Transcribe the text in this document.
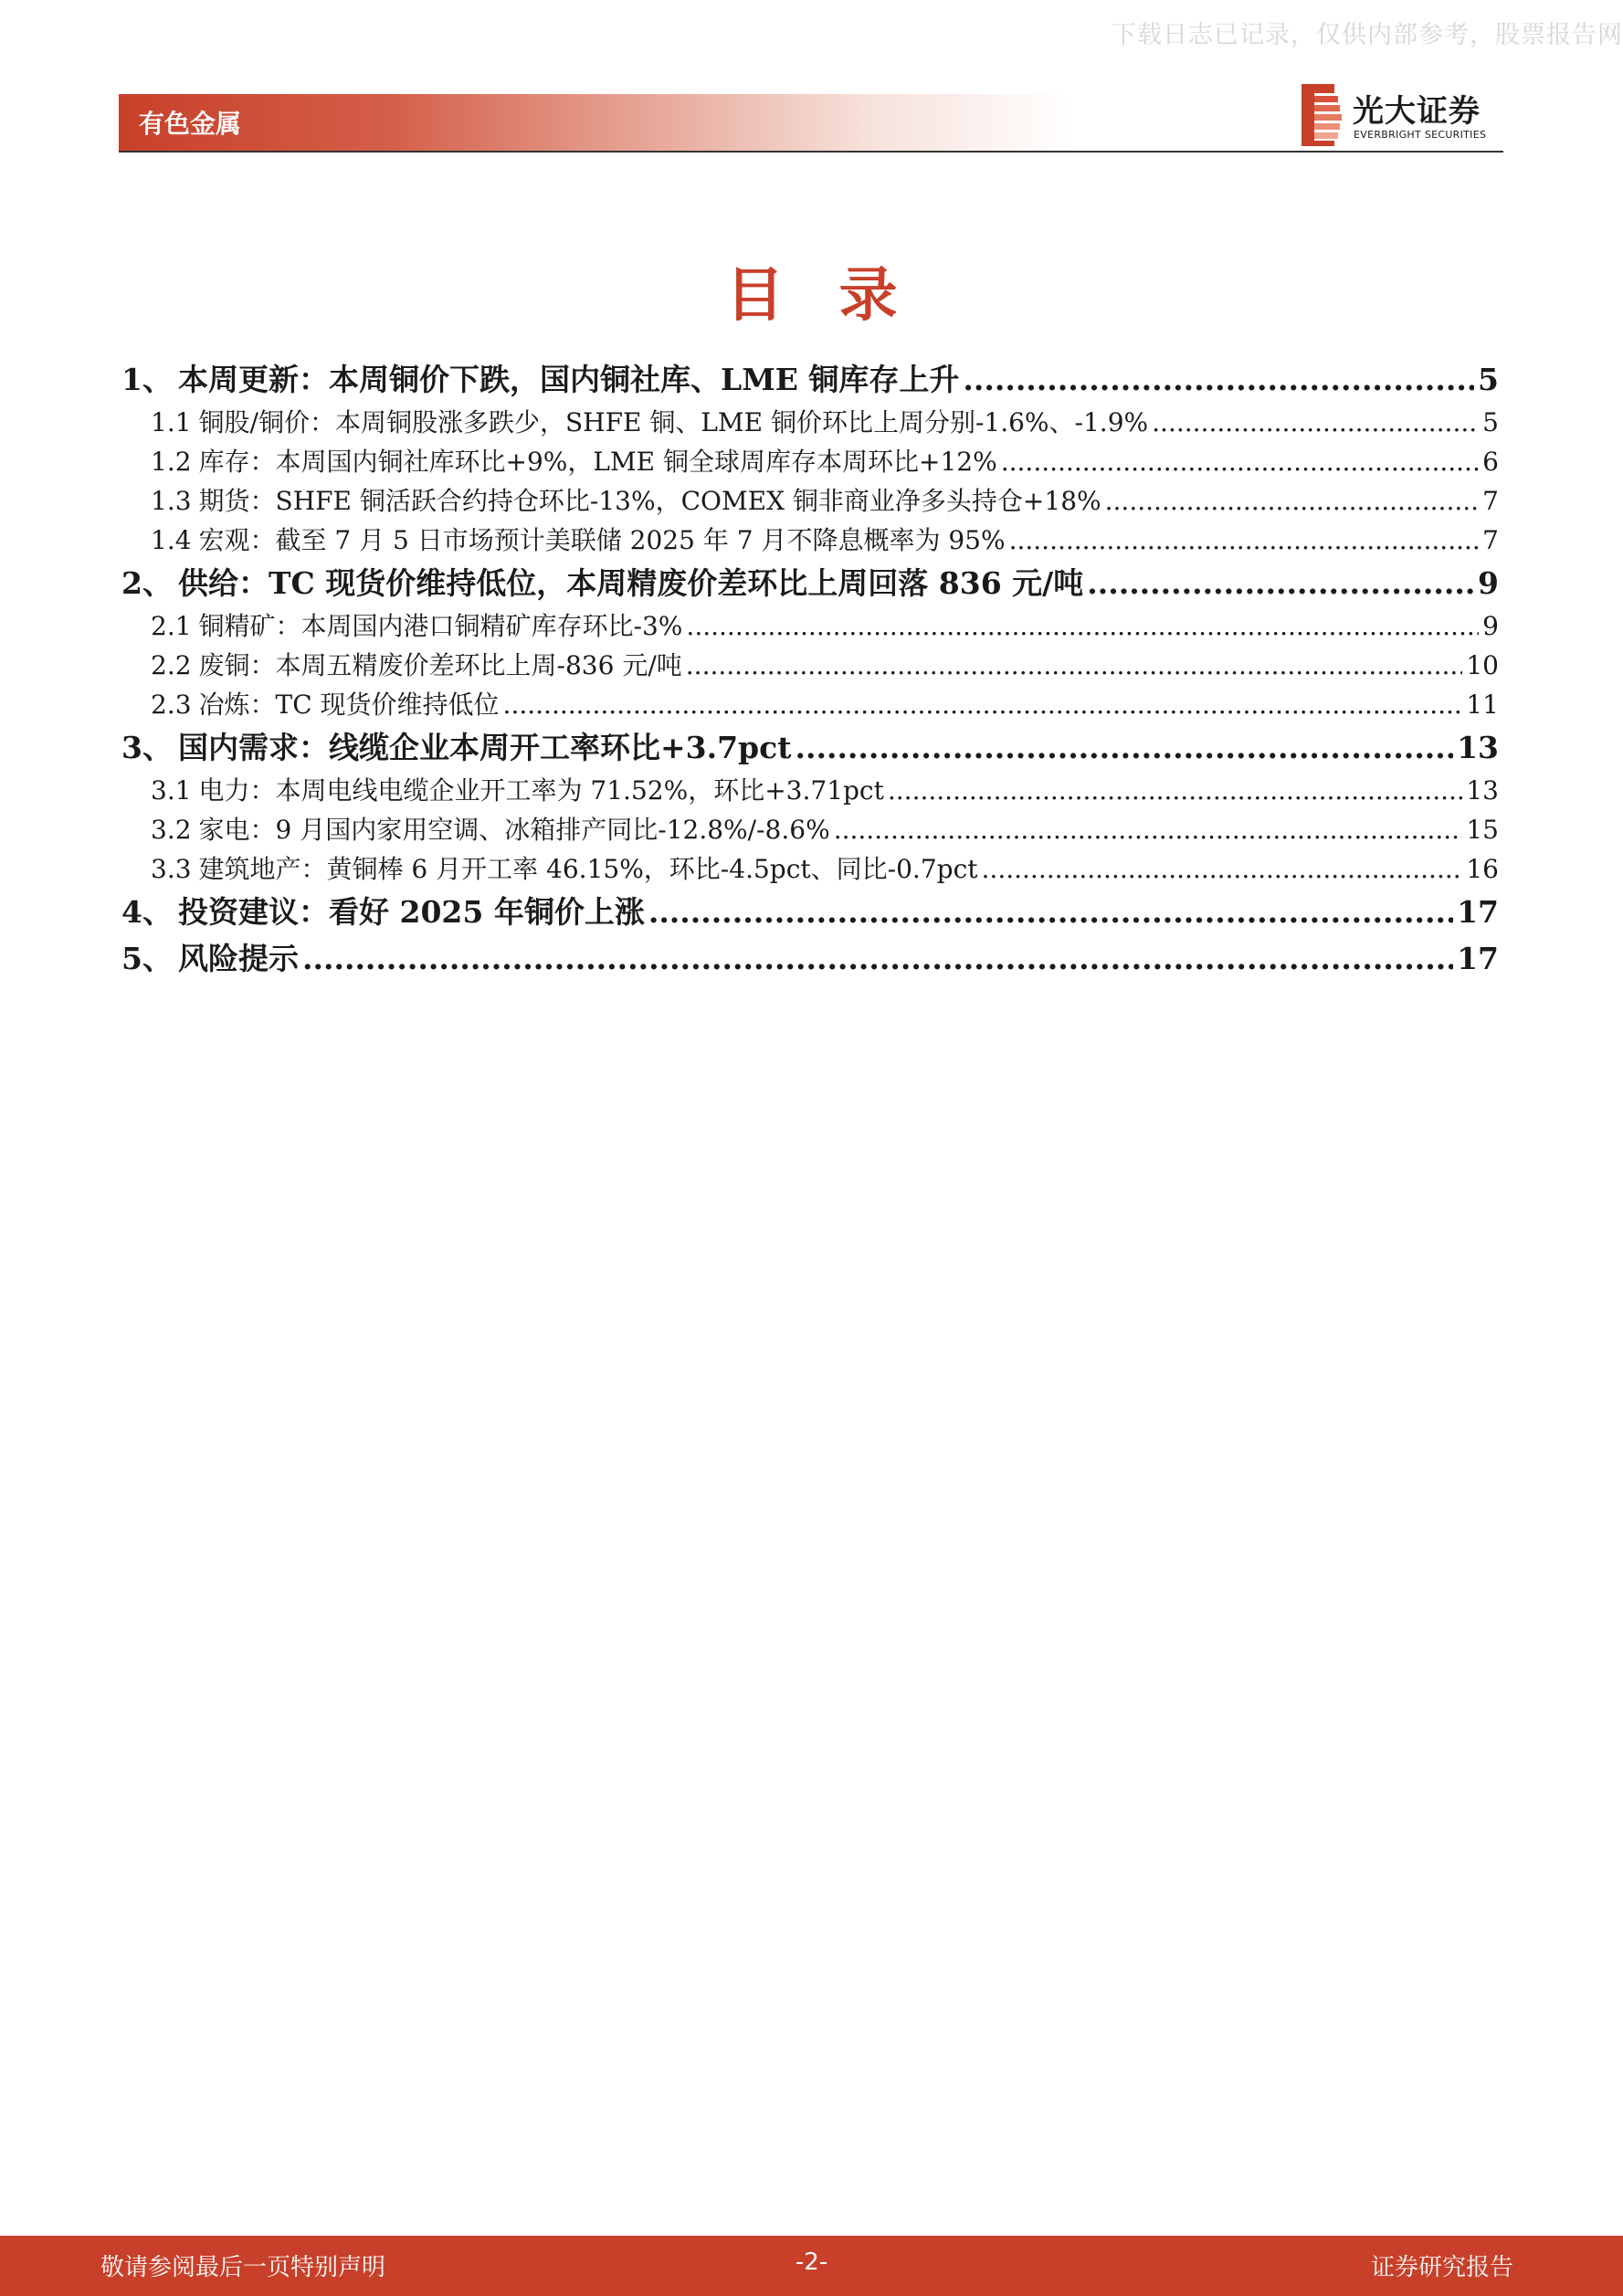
下载日志已记录，仅供内部参考，股票报告网
有色金属	光大证券
EVERBRIGHT SECURITIES
目录
1、 本周更新：本周铜价下跌，国内铜社库、LME 铜库存上升 .....	5
1.1 铜股/铜价：本周铜股涨多跌少，SHFE 铜、LME 铜价环比上周分别-1.6%、-1.9% .....	5
1.2 库存：本周国内铜社库环比+9%，LME 铜全球周库存本周环比+12% .....	6
1.3 期货：SHFE 铜活跃合约持仓环比-13%，COMEX 铜非商业净多头持仓+18% .....	7
1.4 宏观：截至 7 月 5 日市场预计美联储 2025 年 7 月不降息概率为 95% .....	7
2、 供给：TC 现货价维持低位，本周精废价差环比上周回落 836 元/吨 .....	9
2.1 铜精矿：本周国内港口铜精矿库存环比-3% .....	9
2.2 废铜：本周五精废价差环比上周-836 元/吨 .....	10
2.3 冶炼：TC 现货价维持低位 .....	11
3、 国内需求：线缆企业本周开工率环比+3.7pct .....	13
3.1 电力：本周电线电缆企业开工率为 71.52%，环比+3.71pct .....	13
3.2 家电：9 月国内家用空调、冰箱排产同比-12.8%/-8.6% .....	15
3.3 建筑地产：黄铜棒 6 月开工率 46.15%，环比-4.5pct、同比-0.7pct .....	16
4、 投资建议：看好 2025 年铜价上涨 .....	17
5、 风险提示 .....	17
敬请参阅最后一页特别声明	-2-	证券研究报告
